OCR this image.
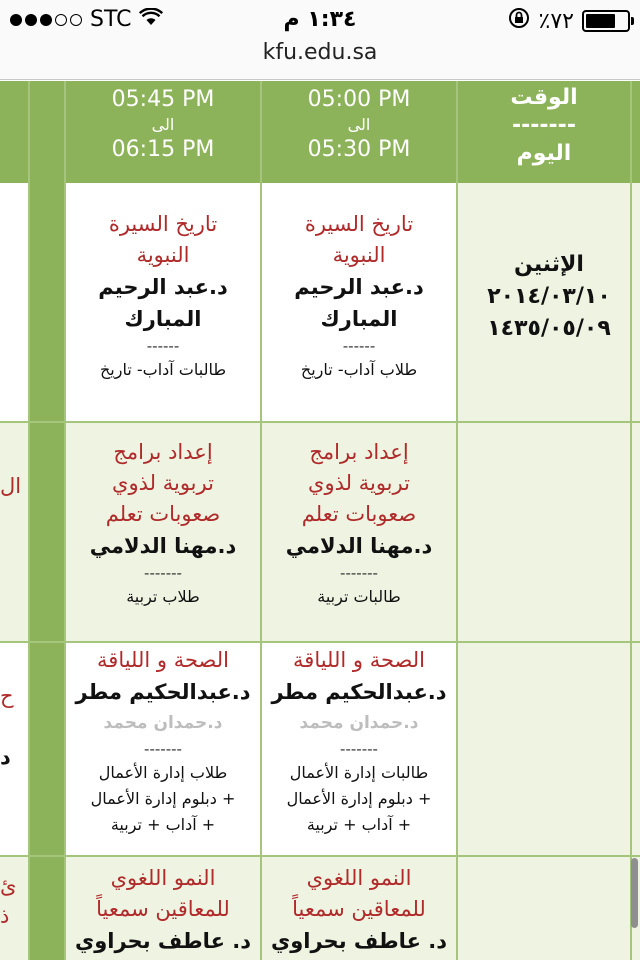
STC	١:٣٤ م	٪٧٢
kfu.edu.sa
05:45 PM
الى
06:15 PM
05:00 PM
الى
05:30 PM
الوقت
-------
اليوم
الإثنين
٢٠١٤/٠٣/١٠
١٤٣٥/٠٥/٠٩
تاريخ السيرة
النبوية
د.عبد الرحيم
المبارك
------
طالبات آداب- تاريخ
تاريخ السيرة
النبوية
د.عبد الرحيم
المبارك
------
طلاب آداب- تاريخ
إعداد برامج
تربوية لذوي
صعوبات تعلم
د.مهنا الدلامي
-------
طلاب تربية
إعداد برامج
تربوية لذوي
صعوبات تعلم
د.مهنا الدلامي
-------
طالبات تربية
الصحة و اللياقة
د.عبدالحكيم مطر
د.حمدان محمد
-------
طلاب إدارة الأعمال
+ دبلوم إدارة الأعمال
+ آداب + تربية
الصحة و اللياقة
د.عبدالحكيم مطر
د.حمدان محمد
-------
طالبات إدارة الأعمال
+ دبلوم إدارة الأعمال
+ آداب + تربية
النمو اللغوي
للمعاقين سمعياً
د. عاطف بحراوي
النمو اللغوي
للمعاقين سمعياً
د. عاطف بحراوي
ال
ح
د
ئ
ذ
